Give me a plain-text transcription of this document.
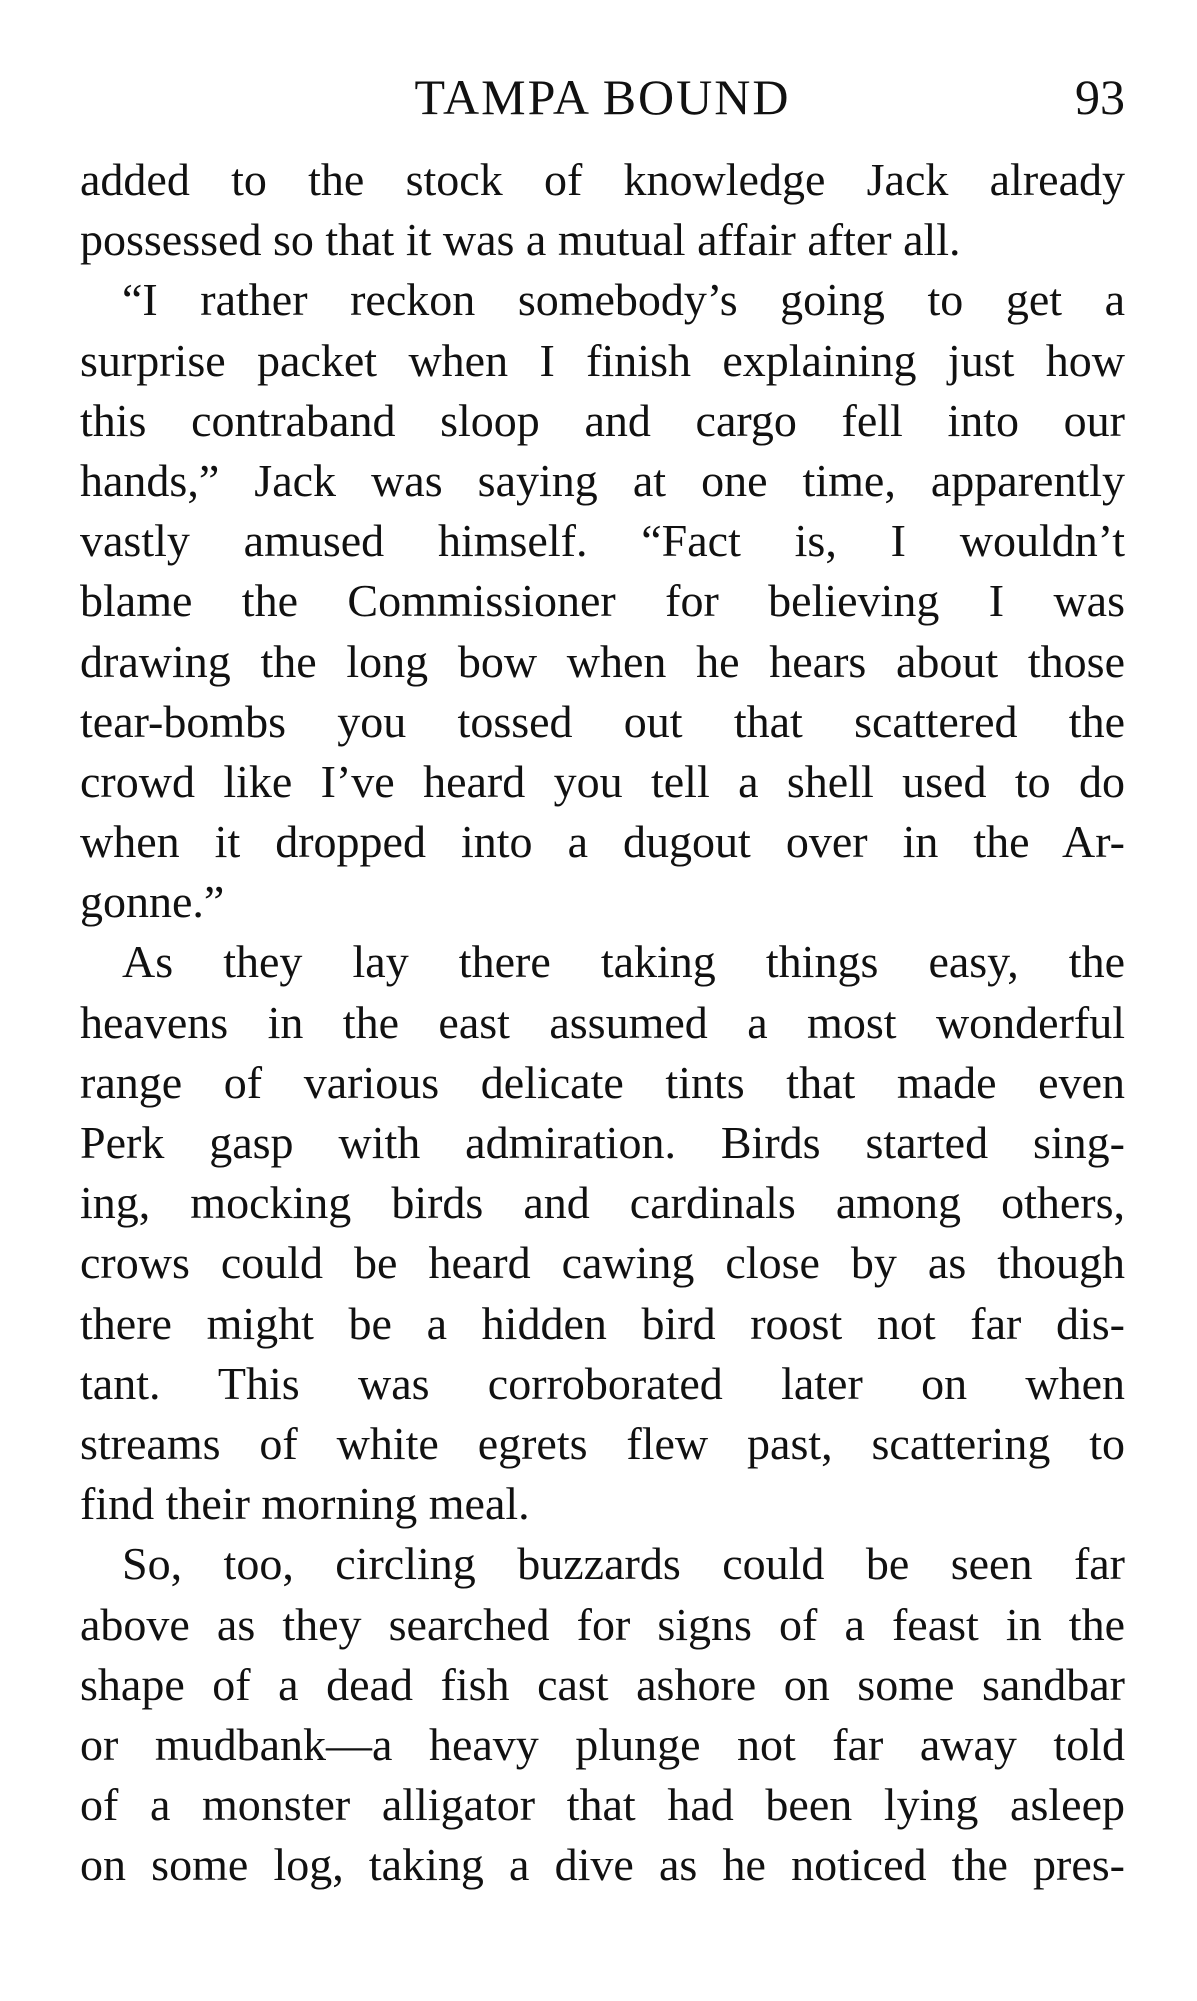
TAMPA BOUND	93
added to the stock of knowledge Jack already
possessed so that it was a mutual affair after all.
“I rather reckon somebody’s going to get a
surprise packet when I finish explaining just how
this contraband sloop and cargo fell into our
hands,” Jack was saying at one time, apparently
vastly amused himself. “Fact is, I wouldn’t
blame the Commissioner for believing I was
drawing the long bow when he hears about those
tear-bombs you tossed out that scattered the
crowd like I’ve heard you tell a shell used to do
when it dropped into a dugout over in the Ar-
gonne.”
As they lay there taking things easy, the
heavens in the east assumed a most wonderful
range of various delicate tints that made even
Perk gasp with admiration. Birds started sing-
ing, mocking birds and cardinals among others,
crows could be heard cawing close by as though
there might be a hidden bird roost not far dis-
tant. This was corroborated later on when
streams of white egrets flew past, scattering to
find their morning meal.
So, too, circling buzzards could be seen far
above as they searched for signs of a feast in the
shape of a dead fish cast ashore on some sandbar
or mudbank—a heavy plunge not far away told
of a monster alligator that had been lying asleep
on some log, taking a dive as he noticed the pres-
